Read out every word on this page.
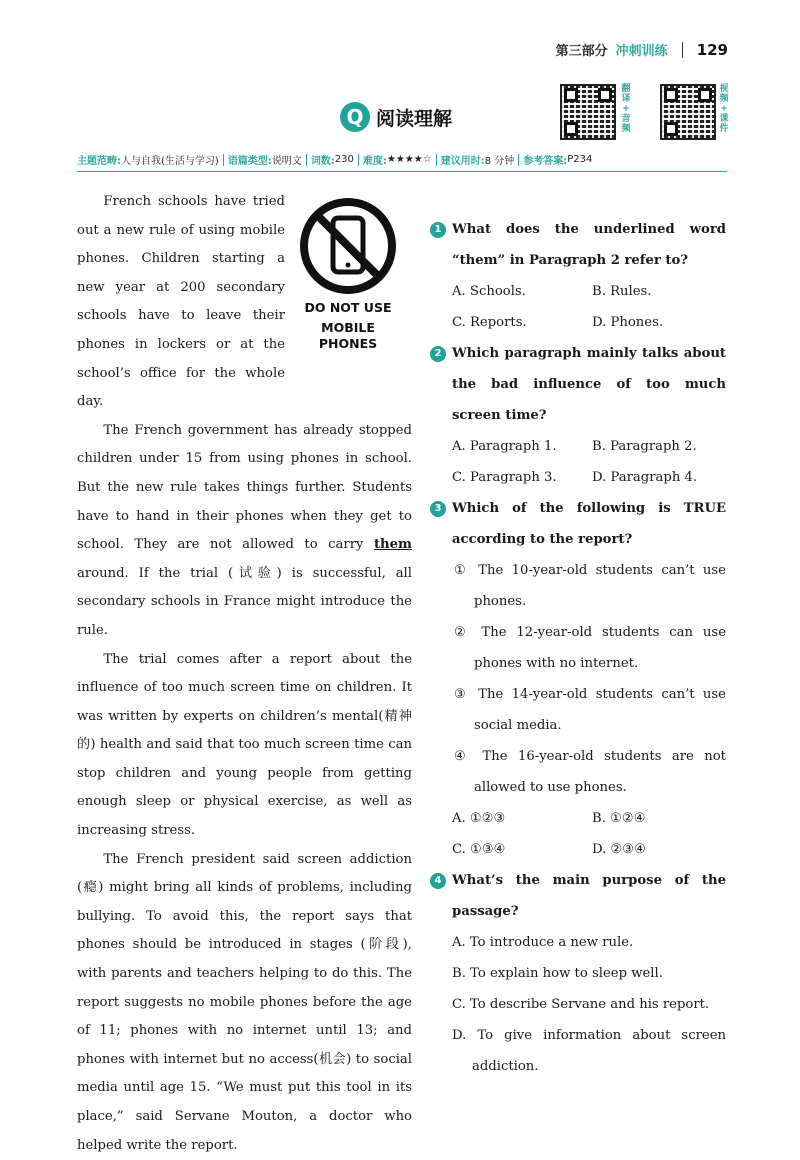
第三部分 冲刺训练 129
Q 阅读理解
翻
译
+
音
频
视
频
+
课
件
主题范畴: 人与自我(生活与学习) 语篇类型: 说明文 词数: 230 难度: ★★★★☆ 建议用时: 8 分钟 参考答案: P234
DO NOT USE
MOBILE PHONES

French schools have tried out a new rule of using mobile phones. Children starting a new year at 200 secondary schools have to leave their phones in lockers or at the school’s office for the whole day.

The French government has already stopped children under 15 from using phones in school. But the new rule takes things further. Students have to hand in their phones when they get to school. They are not allowed to carry them around. If the trial (试验) is successful, all secondary schools in France might introduce the rule.

The trial comes after a report about the influence of too much screen time on children. It was written by experts on children’s mental(精神的) health and said that too much screen time can stop children and young people from getting enough sleep or physical exercise, as well as increasing stress.

The French president said screen addiction (瘾) might bring all kinds of problems, including bullying. To avoid this, the report says that phones should be introduced in stages (阶段), with parents and teachers helping to do this. The report suggests no mobile phones before the age of 11; phones with no internet until 13; and phones with internet but no access(机会) to social media until age 15. “We must put this tool in its place,” said Servane Mouton, a doctor who helped write the report.

1 What does the underlined word “them” in Paragraph 2 refer to?
A. Schools.	B. Rules.
C. Reports.	D. Phones.
2 Which paragraph mainly talks about the bad influence of too much screen time?
A. Paragraph 1.	B. Paragraph 2.
C. Paragraph 3.	D. Paragraph 4.
3 Which of the following is TRUE according to the report?
① The 10-year-old students can’t use phones.
② The 12-year-old students can use phones with no internet.
③ The 14-year-old students can’t use social media.
④ The 16-year-old students are not allowed to use phones.
A. ①②③	B. ①②④
C. ①③④	D. ②③④
4 What’s the main purpose of the passage?
A. To introduce a new rule.
B. To explain how to sleep well.
C. To describe Servane and his report.
D. To give information about screen addiction.
